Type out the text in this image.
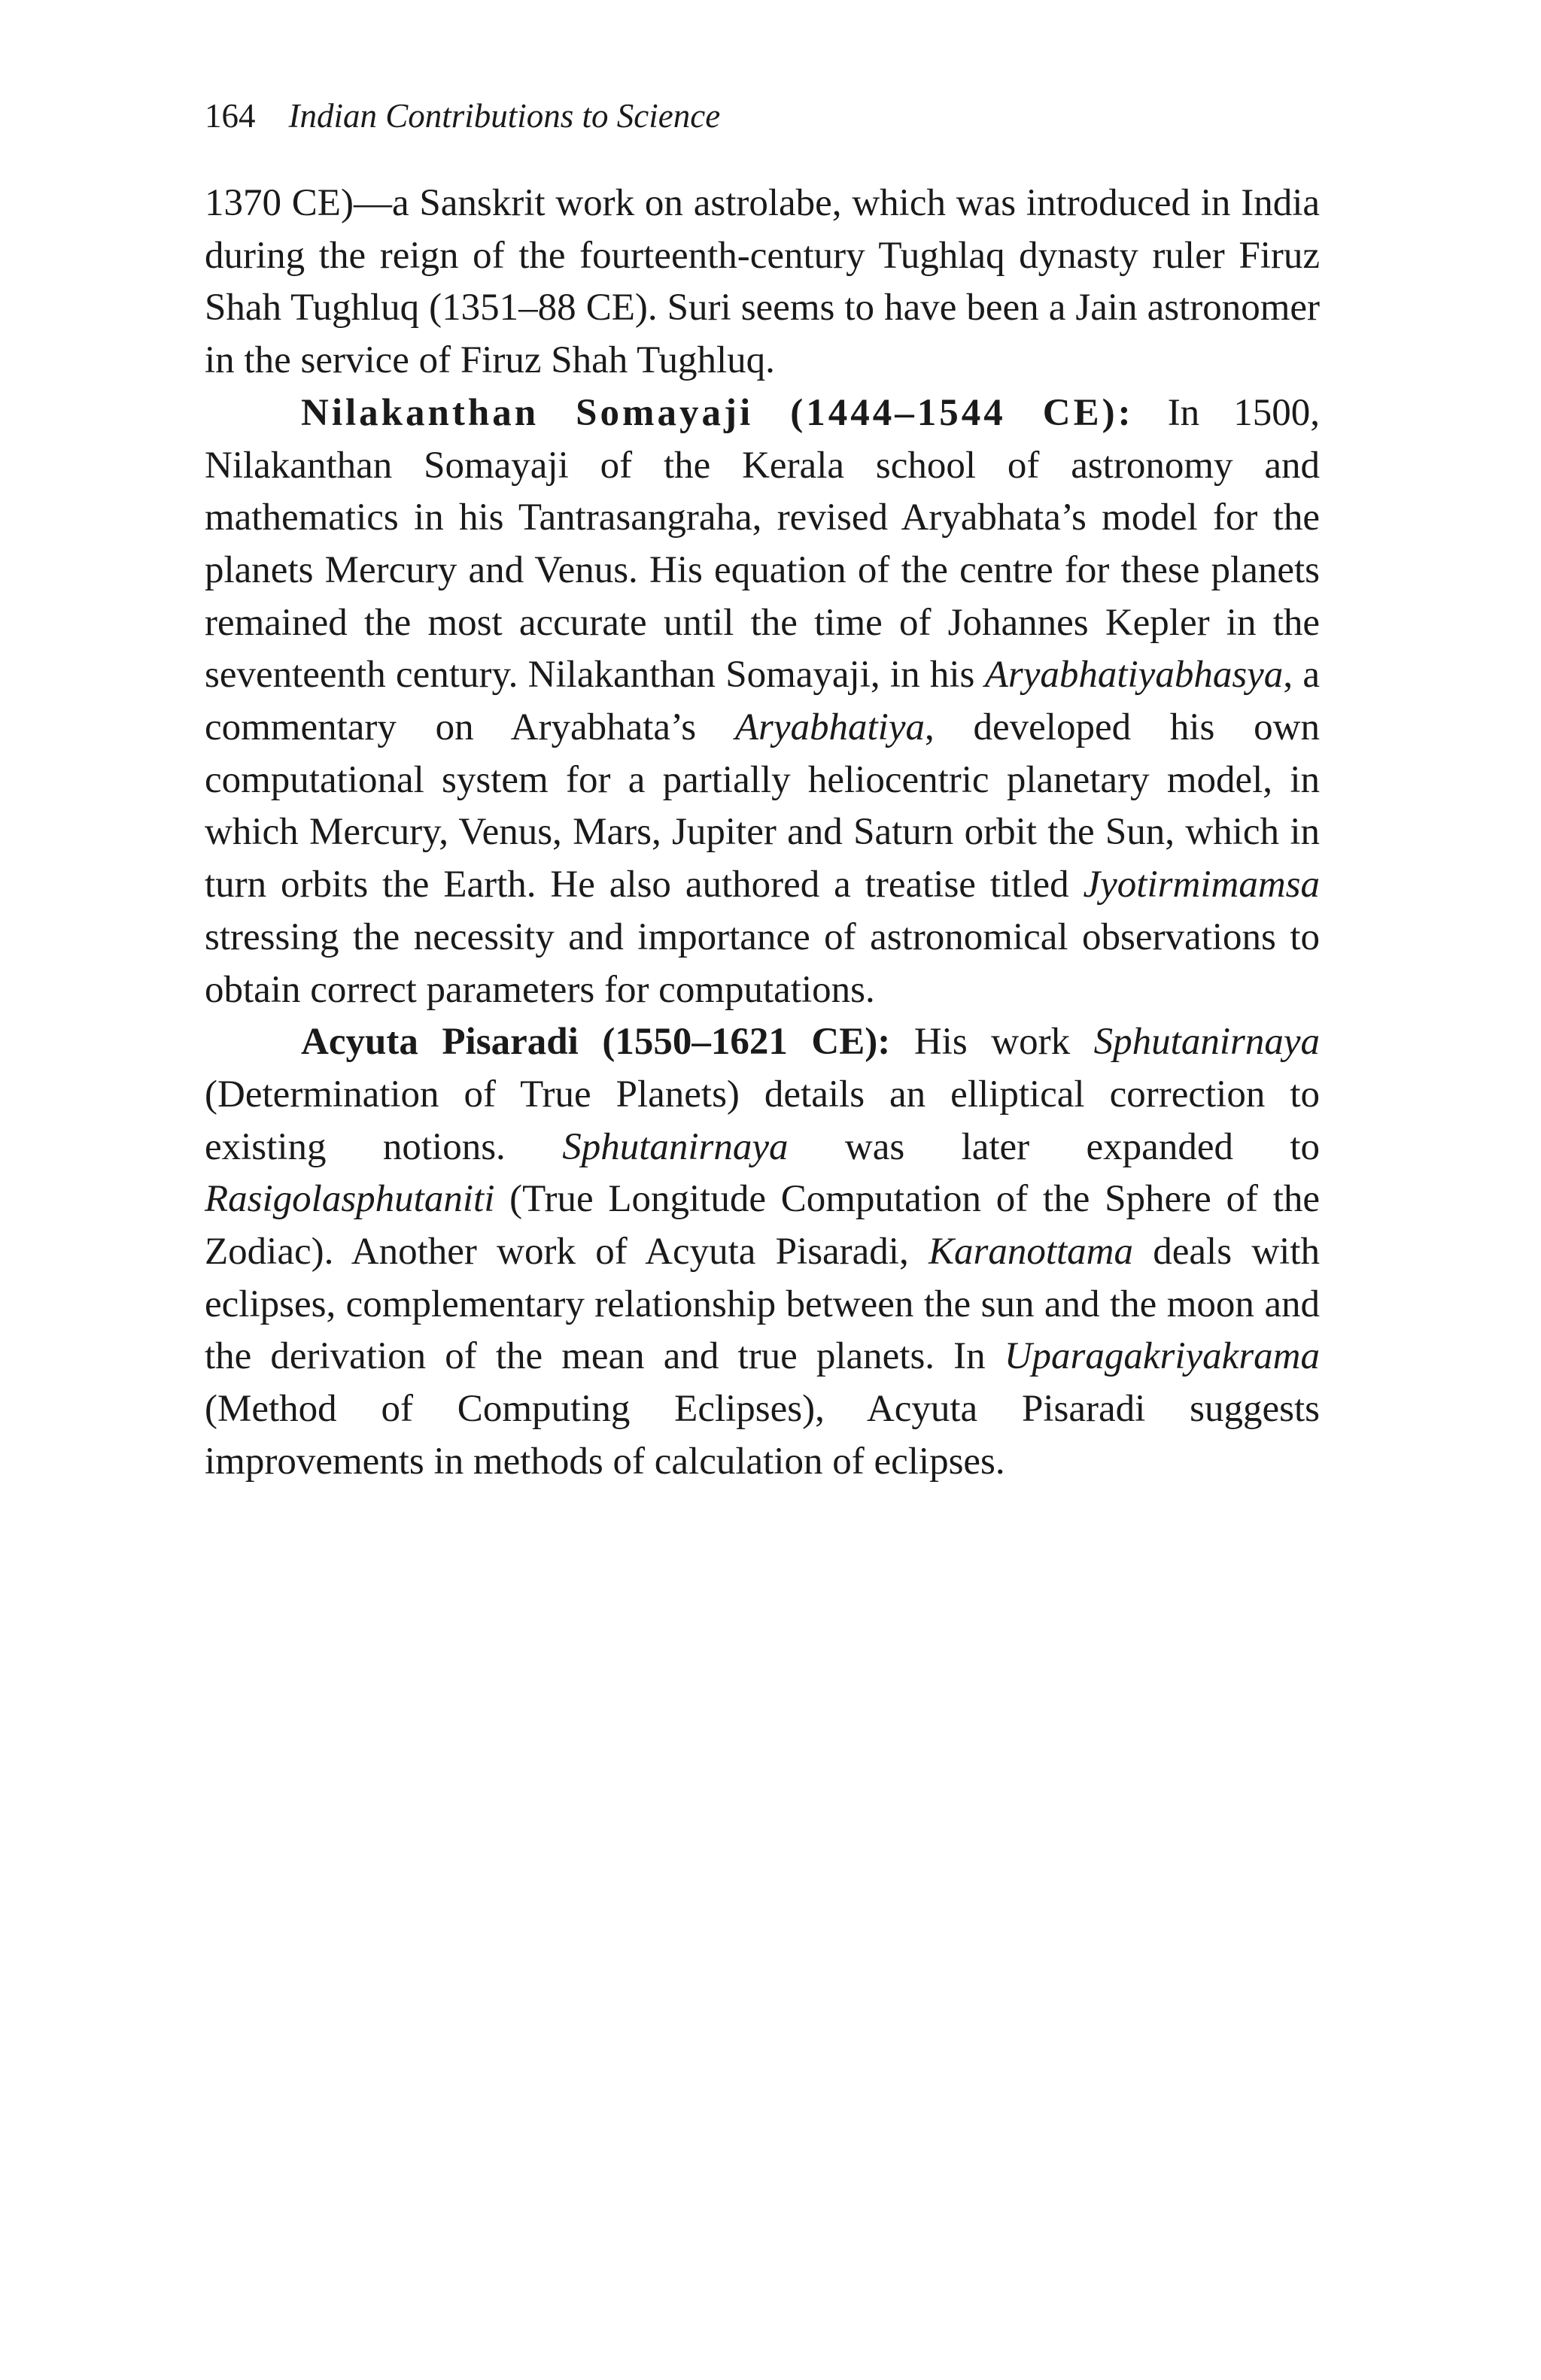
164 Indian Contributions to Science

1370 CE)—a Sanskrit work on astrolabe, which was introduced in India during the reign of the fourteenth-century Tughlaq dynasty ruler Firuz Shah Tughluq (1351–88 CE). Suri seems to have been a Jain astronomer in the service of Firuz Shah Tughluq.

Nilakanthan Somayaji (1444–1544 CE): In 1500, Nilakanthan Somayaji of the Kerala school of astronomy and mathematics in his Tantrasangraha, revised Aryabhata’s model for the planets Mercury and Venus. His equation of the centre for these planets remained the most accurate until the time of Johannes Kepler in the seventeenth century. Nilakanthan Somayaji, in his Aryabhatiyabhasya, a commentary on Aryabhata’s Aryabhatiya, developed his own computational system for a partially heliocentric planetary model, in which Mercury, Venus, Mars, Jupiter and Saturn orbit the Sun, which in turn orbits the Earth. He also authored a treatise titled Jyotirmimamsa stressing the necessity and importance of astronomical observations to obtain correct parameters for computations.

Acyuta Pisaradi (1550–1621 CE): His work Sphutanirnaya (Determination of True Planets) details an elliptical correction to existing notions. Sphutanirnaya was later expanded to Rasigolasphutaniti (True Longitude Computation of the Sphere of the Zodiac). Another work of Acyuta Pisaradi, Karanottama deals with eclipses, complementary relationship between the sun and the moon and the derivation of the mean and true planets. In Uparagakriyakrama (Method of Computing Eclipses), Acyuta Pisaradi suggests improvements in methods of calculation of eclipses.
